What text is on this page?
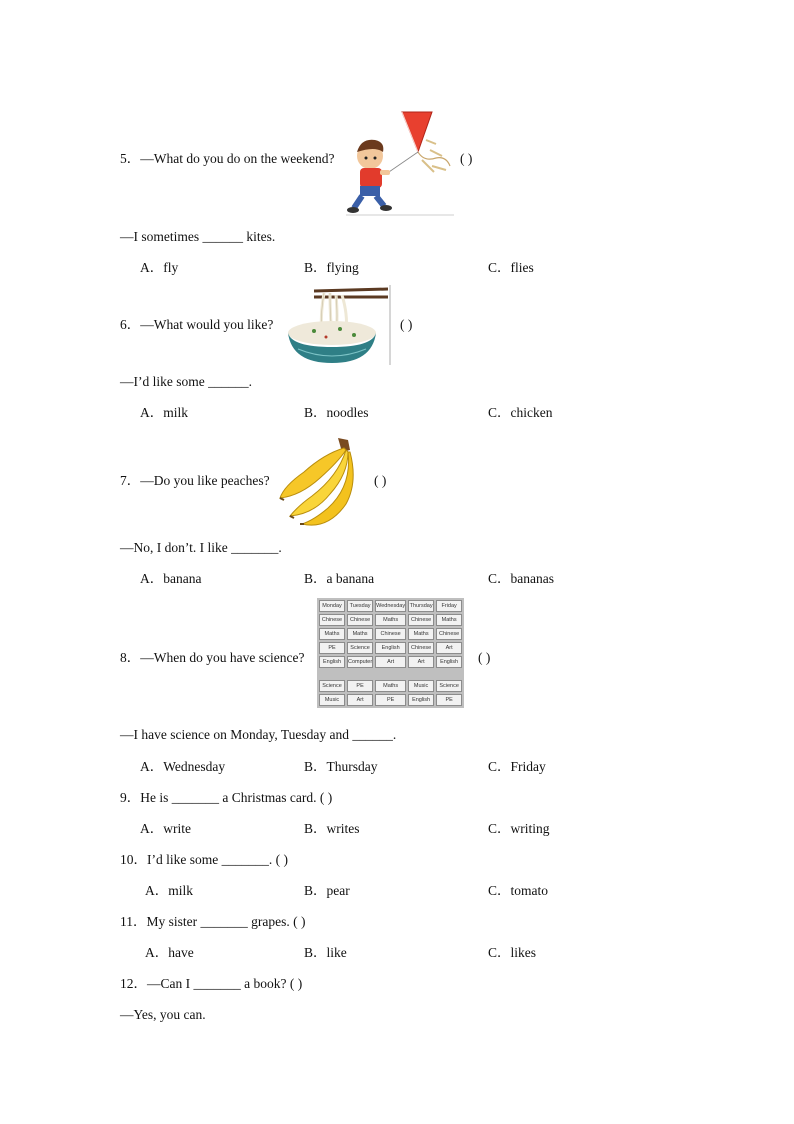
5．—What do you do on the weekend?	( )
—I sometimes ______ kites.
A．fly	B．flying	C．flies
6．—What would you like?	( )
—I’d like some ______.
A．milk	B．noodles	C．chicken
7．—Do you like peaches?	( )
—No, I don’t. I like _______.
A．banana	B．a banana	C．bananas
8．—When do you have science?
Monday	Tuesday	Wednesday	Thursday	Friday
Chinese	Chinese	Maths	Chinese	Maths
Maths	Maths	Chinese	Maths	Chinese
PE	Science	English	Chinese	Art
English	Computer	Art	Art	English

Science	PE	Maths	Music	Science
Music	Art	PE	English	PE
( )
—I have science on Monday, Tuesday and ______.
A．Wednesday	B．Thursday	C．Friday
9．He is _______ a Christmas card. ( )
A．write	B．writes	C．writing
10．I’d like some _______. ( )
A．milk	B．pear	C．tomato
11．My sister _______ grapes. ( )
A．have	B．like	C．likes
12．—Can I _______ a book? ( )
—Yes, you can.
